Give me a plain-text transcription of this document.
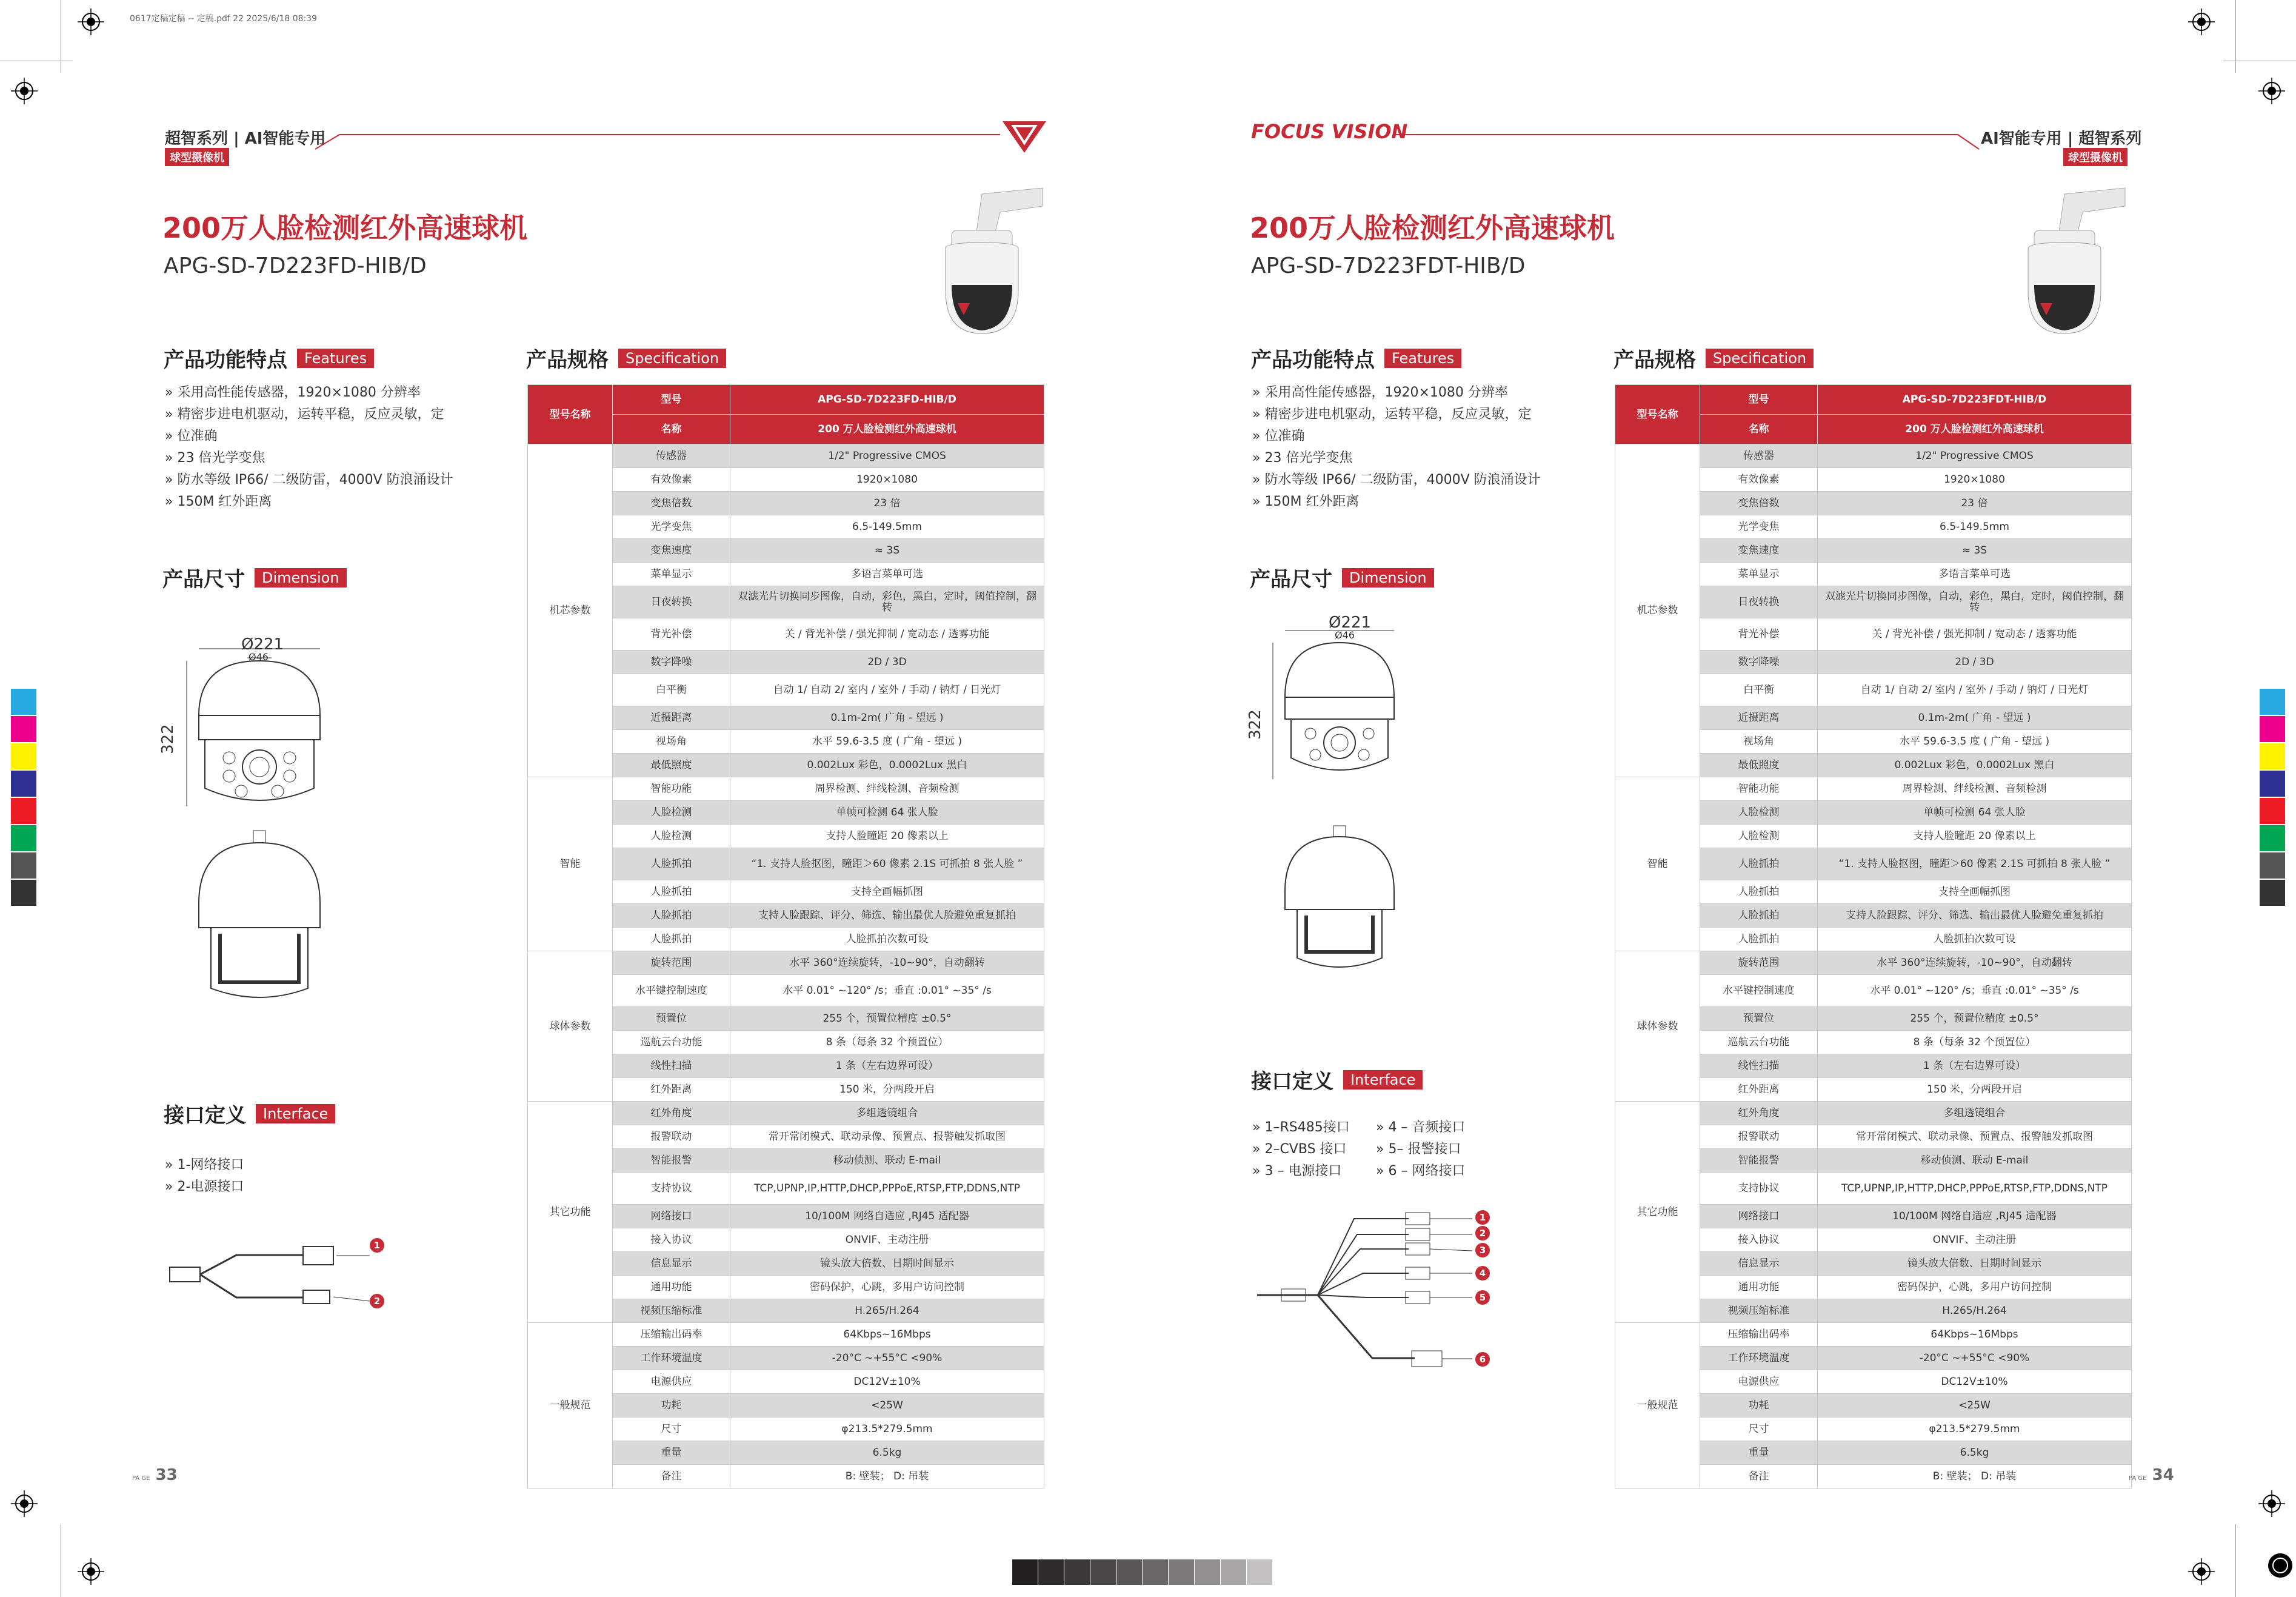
0617定稿定稿 -- 定稿.pdf 22 2025/6/18 08:39
超智系列 | AI智能专用
球型摄像机
200万人脸检测红外高速球机
APG-SD-7D223FD-HIB/D
产品功能特点	Features
» 采用高性能传感器，1920×1080 分辨率
» 精密步进电机驱动，运转平稳，反应灵敏，定
» 位准确
» 23 倍光学变焦
» 防水等级 IP66/ 二级防雷，4000V 防浪涌设计
» 150M 红外距离
产品尺寸	Dimension
Ø221
Ø46
322
接口定义	Interface
» 1-网络接口
» 2-电源接口
1
2
产品规格	Specification
型号名称	型号	APG-SD-7D223FD-HIB/D
	名称	200 万人脸检测红外高速球机
机芯参数	传感器	1/2" Progressive CMOS
	有效像素	1920×1080
	变焦倍数	23 倍
	光学变焦	6.5-149.5mm
	变焦速度	≈ 3S
	菜单显示	多语言菜单可选
	日夜转换	双滤光片切换同步图像，自动，彩色，黑白，定时，阈值控制，翻转
	背光补偿	关 / 背光补偿 / 强光抑制 / 宽动态 / 透雾功能
	数字降噪	2D / 3D
	白平衡	自动 1/ 自动 2/ 室内 / 室外 / 手动 / 钠灯 / 日光灯
	近摄距离	0.1m-2m( 广角 - 望远 )
	视场角	水平 59.6-3.5 度 ( 广角 - 望远 )
	最低照度	0.002Lux 彩色，0.0002Lux 黑白
智能	智能功能	周界检测、绊线检测、音频检测
	人脸检测	单帧可检测 64 张人脸
	人脸检测	支持人脸瞳距 20 像素以上
	人脸抓拍	“1. 支持人脸抠图，瞳距＞60 像素 2.1S 可抓拍 8 张人脸 ”
	人脸抓拍	支持全画幅抓图
	人脸抓拍	支持人脸跟踪、评分、筛选、输出最优人脸避免重复抓拍
	人脸抓拍	人脸抓拍次数可设
球体参数	旋转范围	水平 360°连续旋转，-10~90°，自动翻转
	水平键控制速度	水平 0.01° ~120° /s；垂直 :0.01° ~35° /s
	预置位	255 个，预置位精度 ±0.5°
	巡航云台功能	8 条（每条 32 个预置位）
	线性扫描	1 条（左右边界可设）
	红外距离	150 米，分两段开启
其它功能	红外角度	多组透镜组合
	报警联动	常开常闭模式、联动录像、预置点、报警触发抓取图
	智能报警	移动侦测、联动 E-mail
	支持协议	TCP,UPNP,IP,HTTP,DHCP,PPPoE,RTSP,FTP,DDNS,NTP
	网络接口	10/100M 网络自适应 ,RJ45 适配器
	接入协议	ONVIF、主动注册
	信息显示	镜头放大倍数、日期时间显示
	通用功能	密码保护，心跳，多用户访问控制
	视频压缩标准	H.265/H.264
一般规范	压缩输出码率	64Kbps~16Mbps
	工作环境温度	-20°C ~+55°C <90%
	电源供应	DC12V±10%
	功耗	<25W
	尺寸	φ213.5*279.5mm
	重量	6.5kg
	备注	B: 壁装； D: 吊装
PA GE 33
FOCUS VISION	AI智能专用 | 超智系列
球型摄像机
200万人脸检测红外高速球机
APG-SD-7D223FDT-HIB/D
产品功能特点	Features
» 采用高性能传感器，1920×1080 分辨率
» 精密步进电机驱动，运转平稳，反应灵敏，定
» 位准确
» 23 倍光学变焦
» 防水等级 IP66/ 二级防雷，4000V 防浪涌设计
» 150M 红外距离
产品尺寸	Dimension
Ø221
Ø46
322
接口定义	Interface
» 1–RS485接口
» 2–CVBS 接口
» 3 – 电源接口
» 4 – 音频接口
» 5– 报警接口
» 6 – 网络接口
1
2
3
4
5
6
产品规格	Specification
型号名称	型号	APG-SD-7D223FDT-HIB/D
	名称	200 万人脸检测红外高速球机
机芯参数	传感器	1/2" Progressive CMOS
	有效像素	1920×1080
	变焦倍数	23 倍
	光学变焦	6.5-149.5mm
	变焦速度	≈ 3S
	菜单显示	多语言菜单可选
	日夜转换	双滤光片切换同步图像，自动，彩色，黑白，定时，阈值控制，翻转
	背光补偿	关 / 背光补偿 / 强光抑制 / 宽动态 / 透雾功能
	数字降噪	2D / 3D
	白平衡	自动 1/ 自动 2/ 室内 / 室外 / 手动 / 钠灯 / 日光灯
	近摄距离	0.1m-2m( 广角 - 望远 )
	视场角	水平 59.6-3.5 度 ( 广角 - 望远 )
	最低照度	0.002Lux 彩色，0.0002Lux 黑白
智能	智能功能	周界检测、绊线检测、音频检测
	人脸检测	单帧可检测 64 张人脸
	人脸检测	支持人脸瞳距 20 像素以上
	人脸抓拍	“1. 支持人脸抠图，瞳距＞60 像素 2.1S 可抓拍 8 张人脸 ”
	人脸抓拍	支持全画幅抓图
	人脸抓拍	支持人脸跟踪、评分、筛选、输出最优人脸避免重复抓拍
	人脸抓拍	人脸抓拍次数可设
球体参数	旋转范围	水平 360°连续旋转，-10~90°，自动翻转
	水平键控制速度	水平 0.01° ~120° /s；垂直 :0.01° ~35° /s
	预置位	255 个，预置位精度 ±0.5°
	巡航云台功能	8 条（每条 32 个预置位）
	线性扫描	1 条（左右边界可设）
	红外距离	150 米，分两段开启
其它功能	红外角度	多组透镜组合
	报警联动	常开常闭模式、联动录像、预置点、报警触发抓取图
	智能报警	移动侦测、联动 E-mail
	支持协议	TCP,UPNP,IP,HTTP,DHCP,PPPoE,RTSP,FTP,DDNS,NTP
	网络接口	10/100M 网络自适应 ,RJ45 适配器
	接入协议	ONVIF、主动注册
	信息显示	镜头放大倍数、日期时间显示
	通用功能	密码保护，心跳，多用户访问控制
	视频压缩标准	H.265/H.264
一般规范	压缩输出码率	64Kbps~16Mbps
	工作环境温度	-20°C ~+55°C <90%
	电源供应	DC12V±10%
	功耗	<25W
	尺寸	φ213.5*279.5mm
	重量	6.5kg
	备注	B: 壁装； D: 吊装	PA GE 34
